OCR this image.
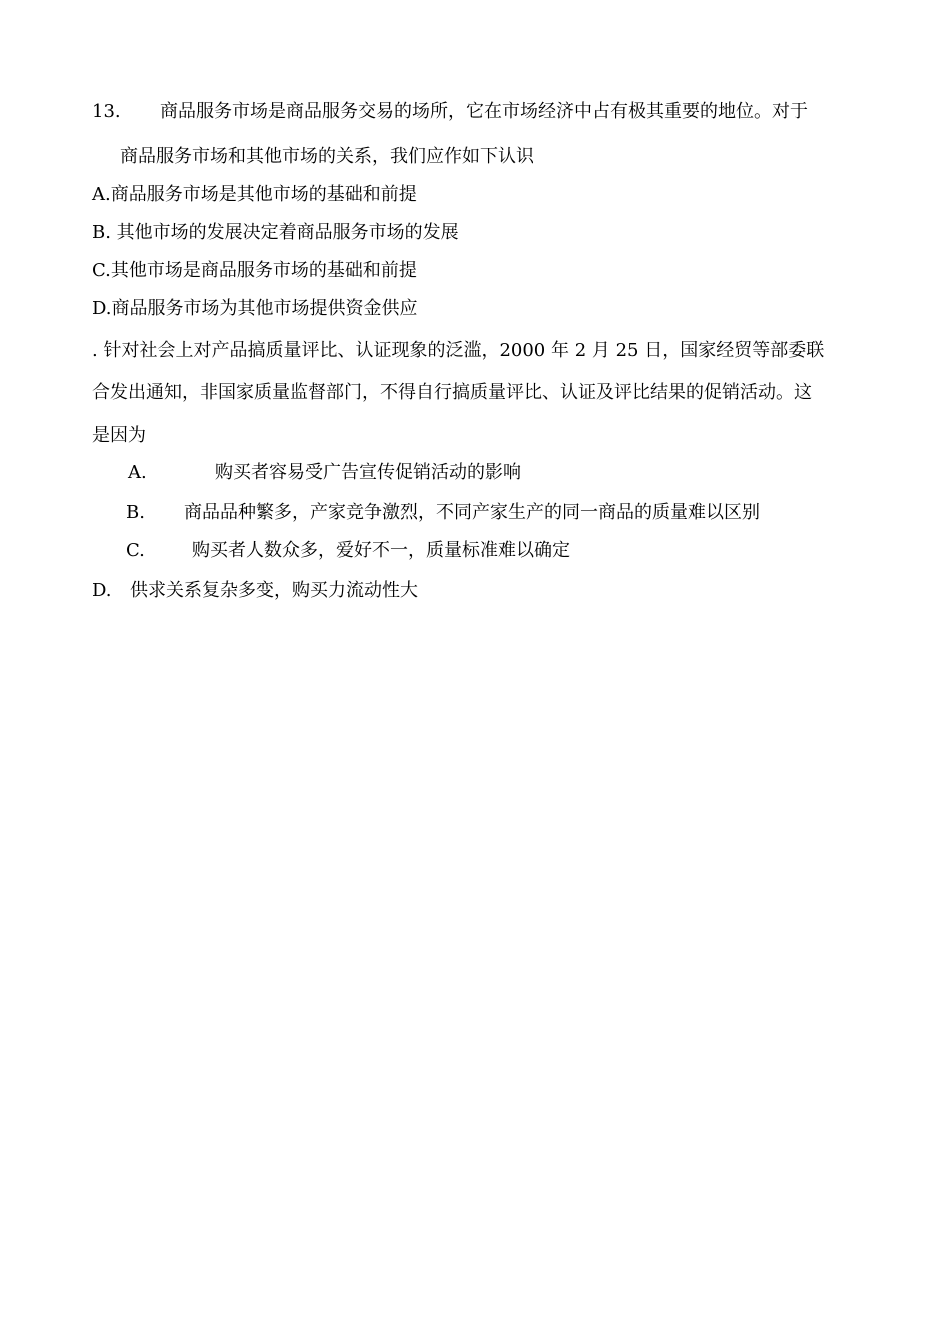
13. 商品服务市场是商品服务交易的场所，它在市场经济中占有极其重要的地位。对于
商品服务市场和其他市场的关系，我们应作如下认识
A.商品服务市场是其他市场的基础和前提
B. 其他市场的发展决定着商品服务市场的发展
C.其他市场是商品服务市场的基础和前提
D.商品服务市场为其他市场提供资金供应
. 针对社会上对产品搞质量评比、认证现象的泛滥，2000 年 2 月 25 日，国家经贸等部委联
合发出通知，非国家质量监督部门，不得自行搞质量评比、认证及评比结果的促销活动。这
是因为
A.	购买者容易受广告宣传促销活动的影响
B. 商品品种繁多，产家竞争激烈，不同产家生产的同一商品的质量难以区别
C.	购买者人数众多，爱好不一，质量标准难以确定
D. 供求关系复杂多变，购买力流动性大
